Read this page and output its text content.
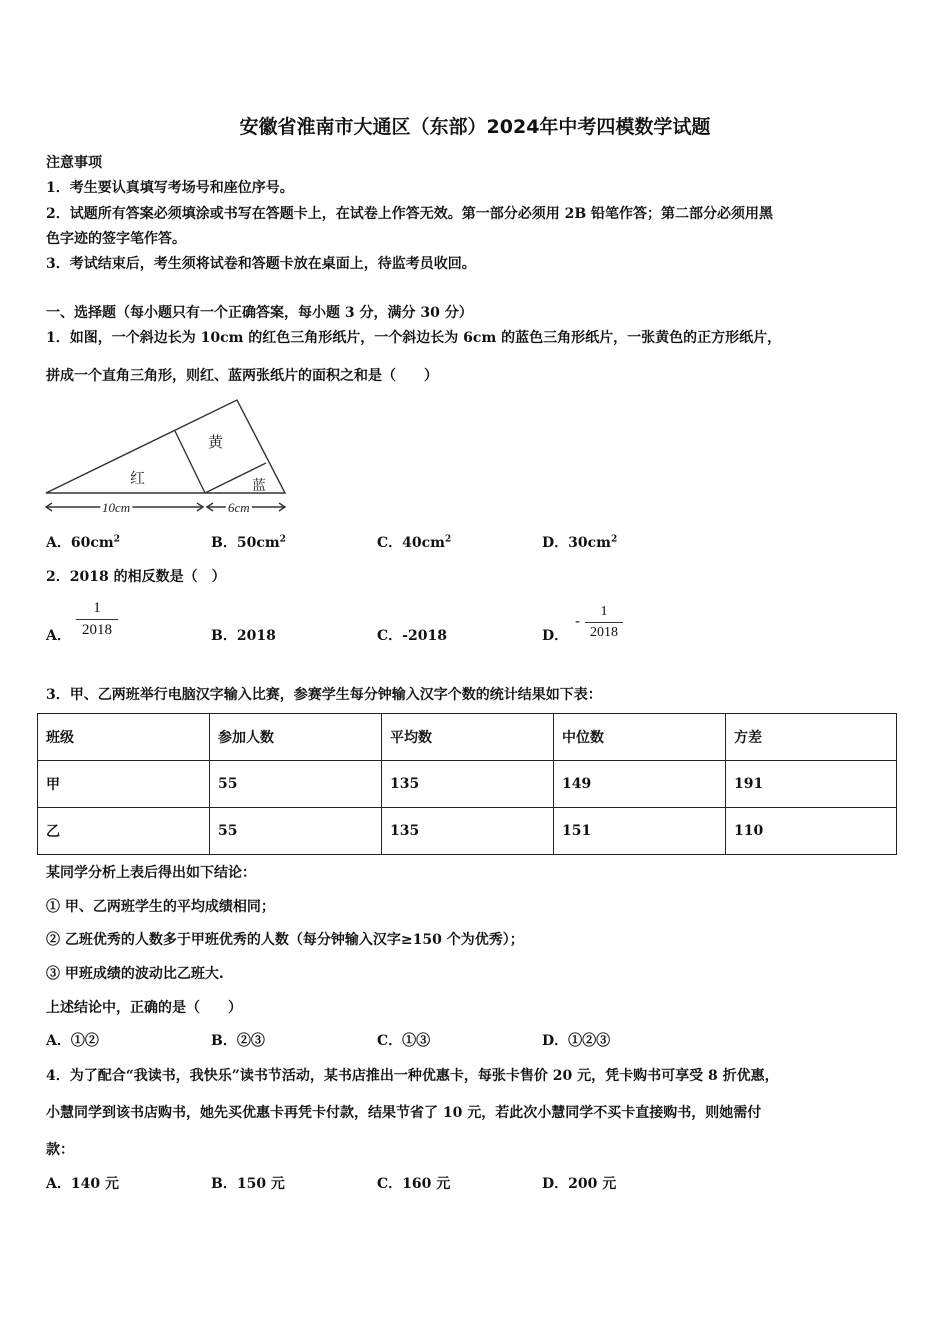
安徽省淮南市大通区（东部）2024年中考四模数学试题
注意事项
1．考生要认真填写考场号和座位序号。
2．试题所有答案必须填涂或书写在答题卡上，在试卷上作答无效。第一部分必须用 2B 铅笔作答；第二部分必须用黑
色字迹的签字笔作答。
3．考试结束后，考生须将试卷和答题卡放在桌面上，待监考员收回。
一、选择题（每小题只有一个正确答案，每小题 3 分，满分 30 分）
1．如图，一个斜边长为 10cm 的红色三角形纸片，一个斜边长为 6cm 的蓝色三角形纸片，一张黄色的正方形纸片，
拼成一个直角三角形，则红、蓝两张纸片的面积之和是（　　）
红
黄
蓝
10cm	6cm
A．$60cm^2$	B．$50cm^2$	C．$40cm^2$	D．$30cm^2$
2．2018 的相反数是（　）
A．
1
2018	B．2018	C．-2018	D．
-
1
2018
3．甲、乙两班举行电脑汉字输入比赛，参赛学生每分钟输入汉字个数的统计结果如下表：
班级	参加人数	平均数	中位数	方差
甲	55	135	149	191
乙	55	135	151	110
某同学分析上表后得出如下结论：
① 甲、乙两班学生的平均成绩相同；
② 乙班优秀的人数多于甲班优秀的人数（每分钟输入汉字≥150 个为优秀）；
③ 甲班成绩的波动比乙班大.
上述结论中，正确的是（　　）
A．①②	B．②③	C．①③	D．①②③
4．为了配合“我读书，我快乐”读书节活动，某书店推出一种优惠卡，每张卡售价 20 元，凭卡购书可享受 8 折优惠，
小慧同学到该书店购书，她先买优惠卡再凭卡付款，结果节省了 10 元，若此次小慧同学不买卡直接购书，则她需付
款：
A．140 元	B．150 元	C．160 元	D．200 元
